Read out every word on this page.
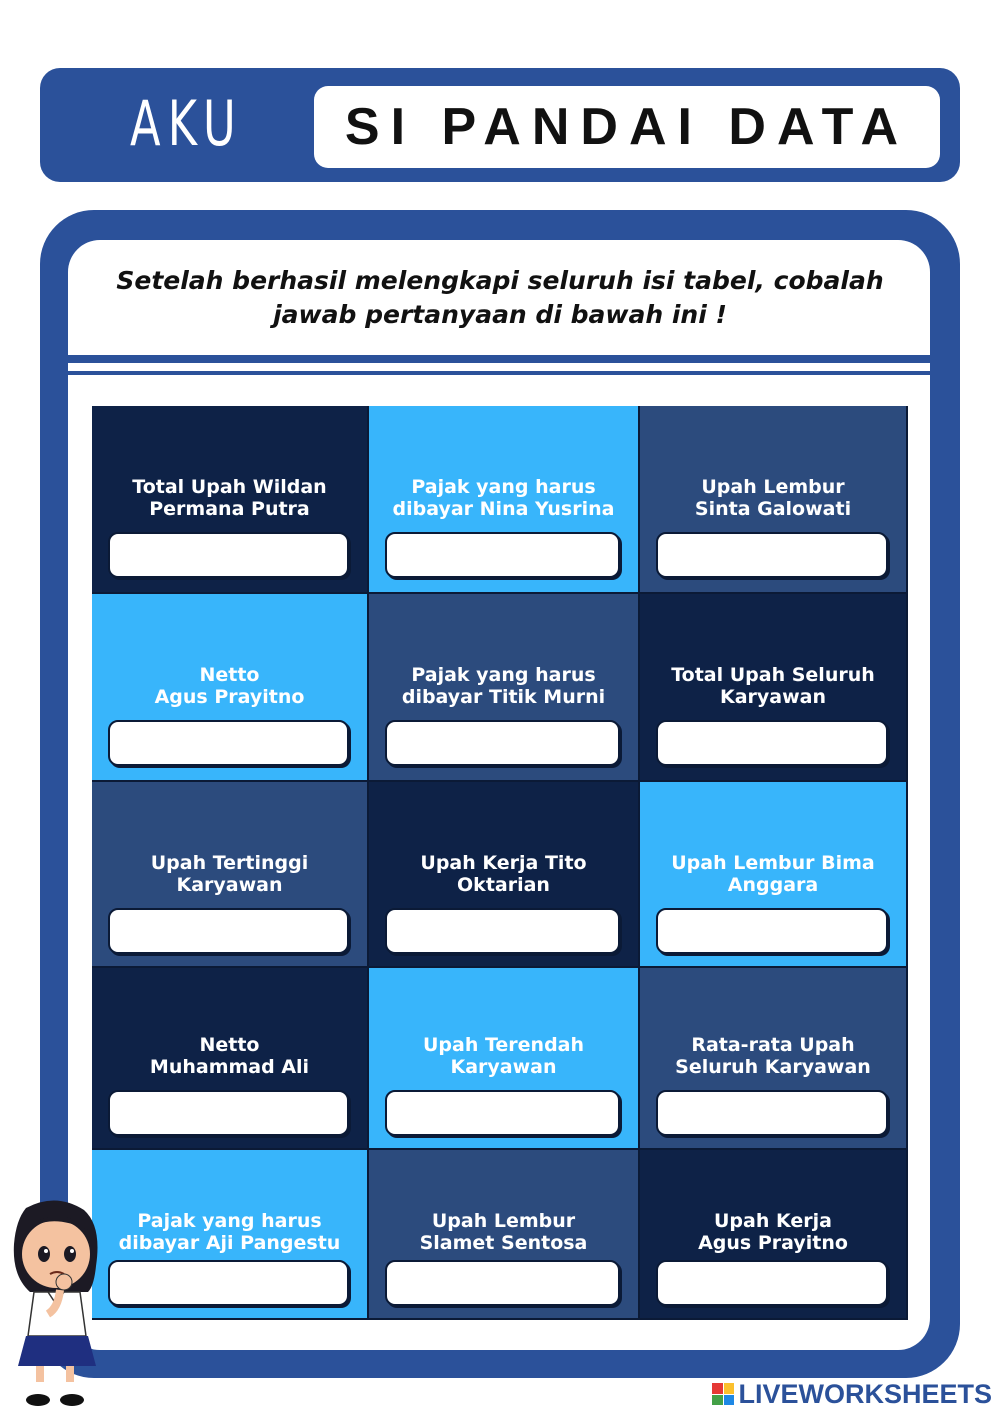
AKU SI PANDAI DATA
Setelah berhasil melengkapi seluruh isi tabel, cobalah jawab pertanyaan di bawah ini !
Total Upah Wildan
Permana Putra
Pajak yang harus
dibayar Nina Yusrina
Upah Lembur
Sinta Galowati
Netto
Agus Prayitno
Pajak yang harus
dibayar Titik Murni
Total Upah Seluruh
Karyawan
Upah Tertinggi
Karyawan
Upah Kerja Tito
Oktarian
Upah Lembur Bima
Anggara
Netto
Muhammad Ali
Upah Terendah
Karyawan
Rata-rata Upah
Seluruh Karyawan
Pajak yang harus
dibayar Aji Pangestu
Upah Lembur
Slamet Sentosa
Upah Kerja
Agus Prayitno
LIVEWORKSHEETS
